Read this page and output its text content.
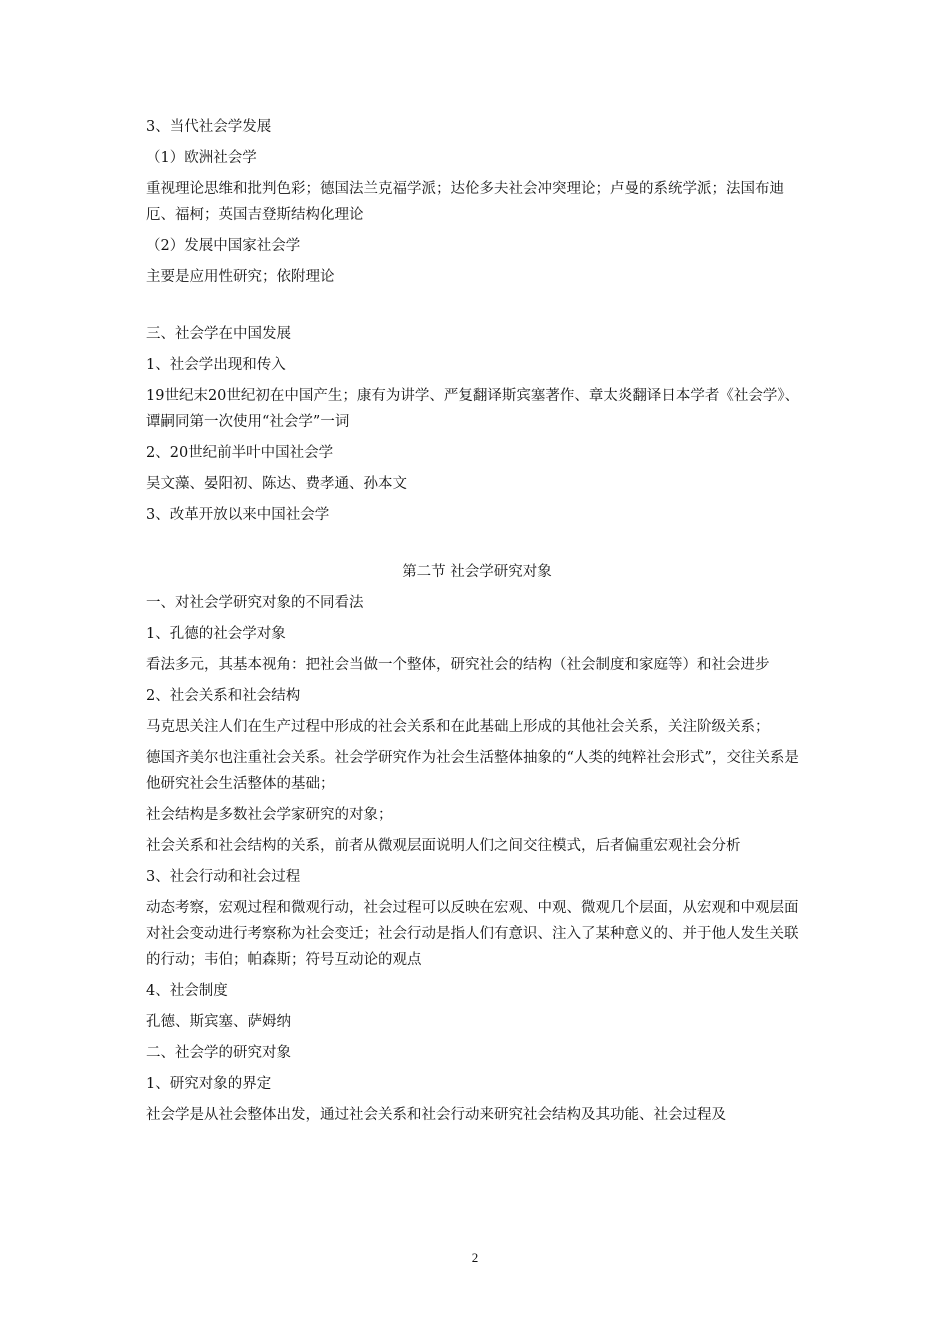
3、当代社会学发展

（1）欧洲社会学

重视理论思维和批判色彩；德国法兰克福学派；达伦多夫社会冲突理论；卢曼的系统学派；法国布迪厄、福柯；英国吉登斯结构化理论

（2）发展中国家社会学

主要是应用性研究；依附理论

三、社会学在中国发展

1、社会学出现和传入

19世纪末20世纪初在中国产生；康有为讲学、严复翻译斯宾塞著作、章太炎翻译日本学者《社会学》、谭嗣同第一次使用“社会学”一词

2、20世纪前半叶中国社会学

吴文藻、晏阳初、陈达、费孝通、孙本文

3、改革开放以来中国社会学

第二节 社会学研究对象

一、对社会学研究对象的不同看法

1、孔德的社会学对象

看法多元，其基本视角：把社会当做一个整体，研究社会的结构（社会制度和家庭等）和社会进步

2、社会关系和社会结构

马克思关注人们在生产过程中形成的社会关系和在此基础上形成的其他社会关系，关注阶级关系；

德国齐美尔也注重社会关系。社会学研究作为社会生活整体抽象的“人类的纯粹社会形式”，交往关系是他研究社会生活整体的基础；

社会结构是多数社会学家研究的对象；

社会关系和社会结构的关系，前者从微观层面说明人们之间交往模式，后者偏重宏观社会分析

3、社会行动和社会过程

动态考察，宏观过程和微观行动，社会过程可以反映在宏观、中观、微观几个层面，从宏观和中观层面对社会变动进行考察称为社会变迁；社会行动是指人们有意识、注入了某种意义的、并于他人发生关联的行动；韦伯；帕森斯；符号互动论的观点

4、社会制度

孔德、斯宾塞、萨姆纳

二、社会学的研究对象

1、研究对象的界定

社会学是从社会整体出发，通过社会关系和社会行动来研究社会结构及其功能、社会过程及

2
